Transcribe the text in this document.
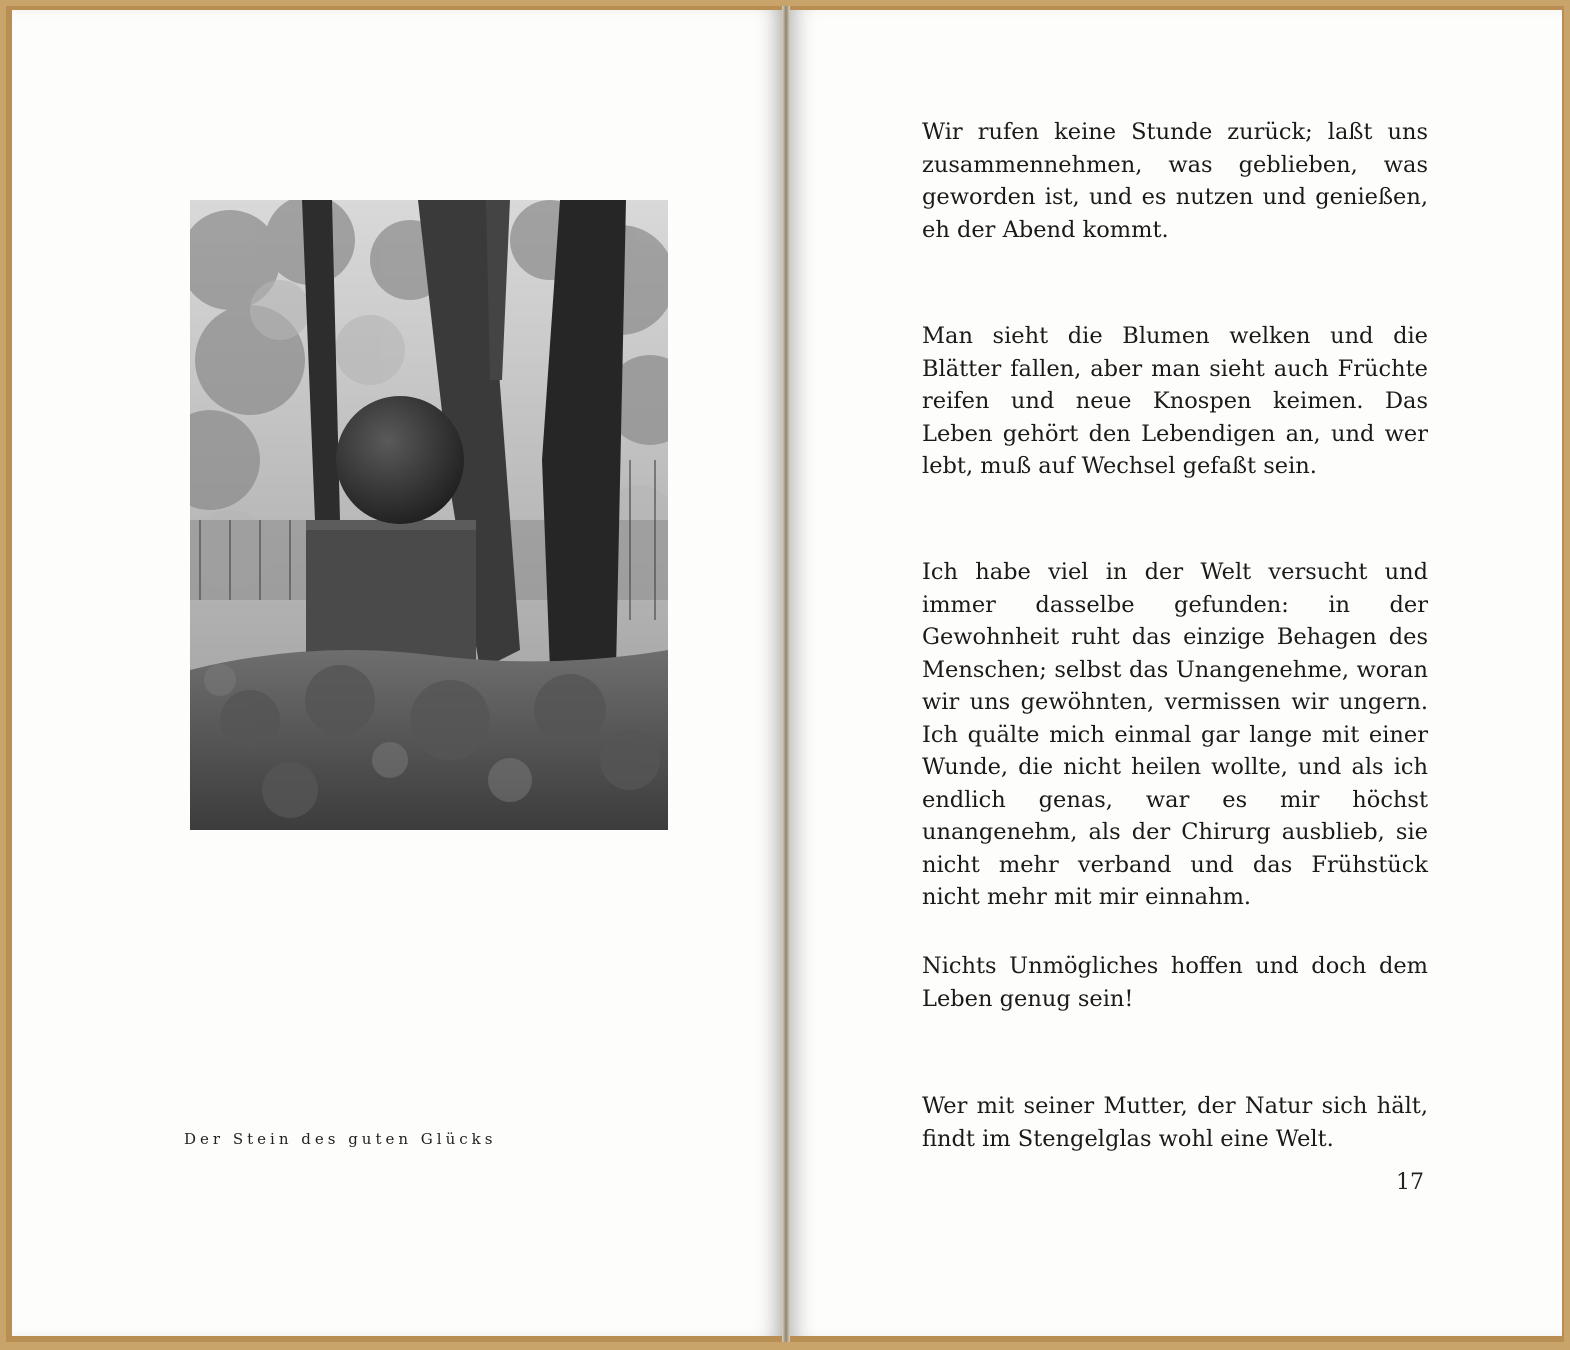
Der Stein des guten Glücks

Wir rufen keine Stunde zurück; laßt uns zusammennehmen, was geblieben, was geworden ist, und es nutzen und genießen, eh der Abend kommt.

Man sieht die Blumen welken und die Blätter fallen, aber man sieht auch Früchte reifen und neue Knospen keimen. Das Leben gehört den Lebendigen an, und wer lebt, muß auf Wechsel gefaßt sein.

Ich habe viel in der Welt versucht und immer dasselbe gefunden: in der Gewohnheit ruht das einzige Behagen des Menschen; selbst das Unangenehme, woran wir uns gewöhnten, vermissen wir ungern. Ich quälte mich einmal gar lange mit einer Wunde, die nicht heilen wollte, und als ich endlich genas, war es mir höchst unangenehm, als der Chirurg ausblieb, sie nicht mehr verband und das Frühstück nicht mehr mit mir einnahm.

Nichts Unmögliches hoffen und doch dem Leben genug sein!

Wer mit seiner Mutter, der Natur sich hält, findt im Stengelglas wohl eine Welt.

17
